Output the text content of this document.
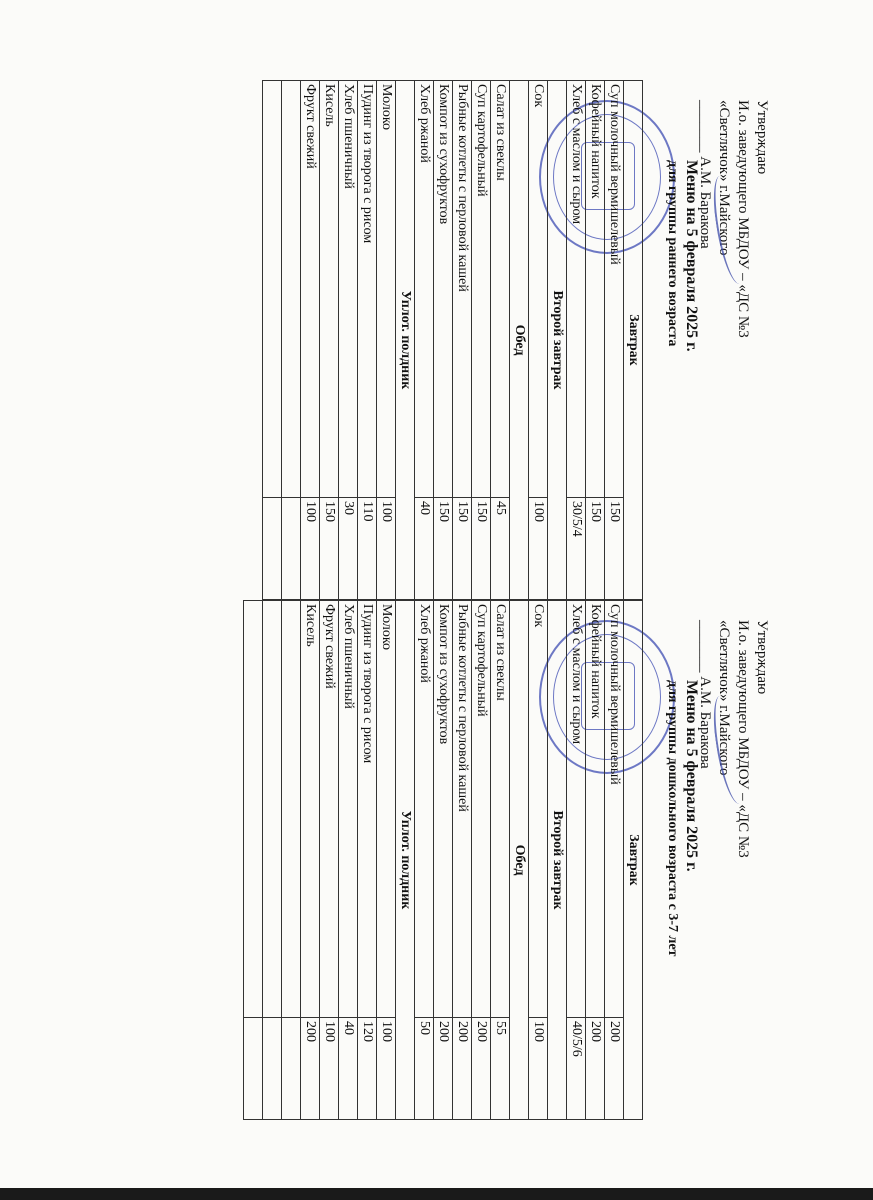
Утверждаю
И.о. заведующего МБДОУ – «ДС №3
«Светлячок» г.Майского
_______ А.М. Баракова
Меню на 5 февраля 2025 г.
для группы раннего возраста
Завтрак	
Суп молочный вермишелевый	150
Кофейный напиток	150
Хлеб с маслом и сыром	30/5/4
Второй завтрак	
Сок	100
Обед	
Салат из свеклы	45
Суп картофельный	150
Рыбные котлеты с перловой кашей	150
Компот из сухофруктов	150
Хлеб ржаной	40
Уплот. полдник	
Молоко	100
Пудинг из творога с рисом	110
Хлеб пшеничный	30
Кисель	150
Фрукт свежий	100

Утверждаю
И.о. заведующего МБДОУ – «ДС №3
«Светлячок» г.Майского
_______ А.М. Баракова
Меню на 5 февраля 2025 г.
для группы дошкольного возраста с 3-7 лет
Завтрак	
Суп молочный вермишелевый	200
Кофейный напиток	200
Хлеб с маслом и сыром	40/5/6
Второй завтрак	
Сок	100
Обед	
Салат из свеклы	55
Суп картофельный	200
Рыбные котлеты с перловой кашей	200
Компот из сухофруктов	200
Хлеб ржаной	50
Уплот. полдник	
Молоко	100
Пудинг из творога с рисом	120
Хлеб пшеничный	40
Фрукт свежий	100
Кисель	200
